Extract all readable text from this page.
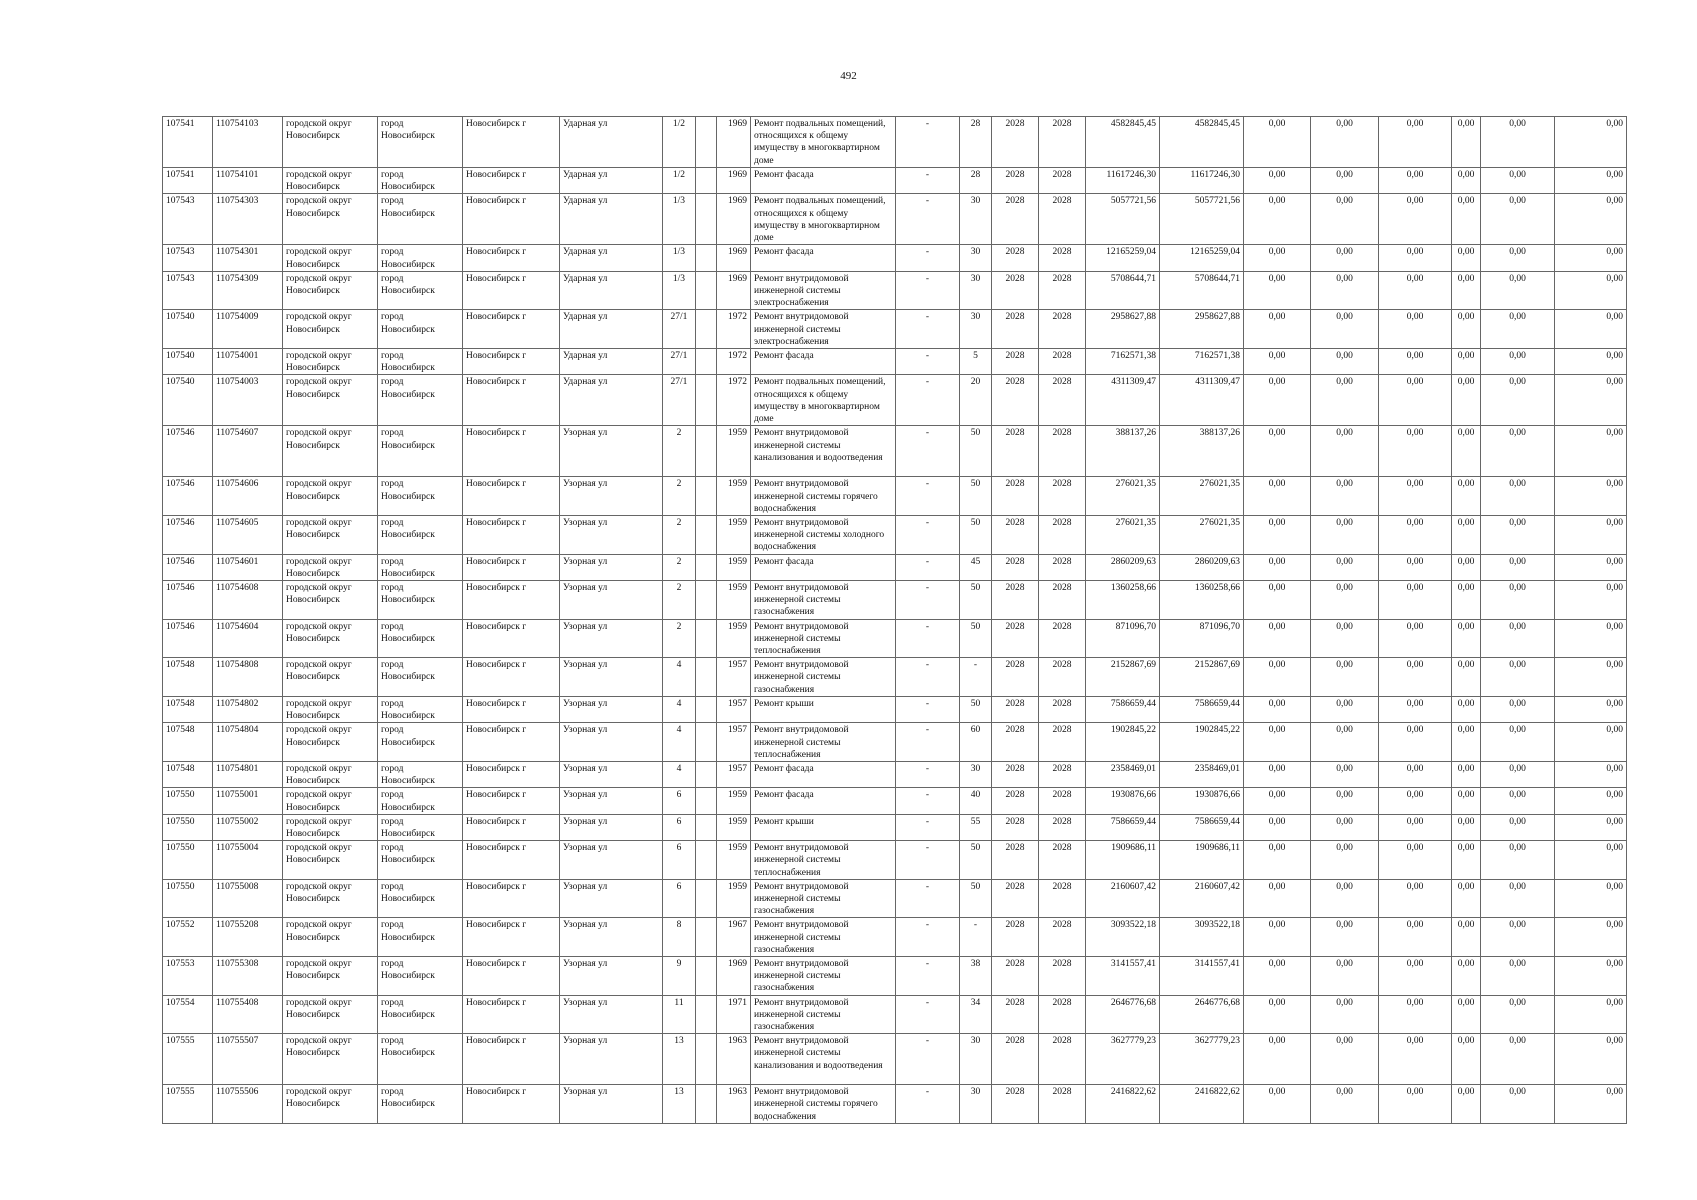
492
107541	110754103	городской округ Новосибирск	город Новосибирск	Новосибирск г	Ударная ул	1/2		1969	Ремонт подвальных помещений, относящихся к общему имуществу в многоквартирном доме	-	28	2028	2028	4582845,45	4582845,45	0,00	0,00	0,00	0,00	0,00	0,00
107541	110754101	городской округ Новосибирск	город Новосибирск	Новосибирск г	Ударная ул	1/2		1969	Ремонт фасада	-	28	2028	2028	11617246,30	11617246,30	0,00	0,00	0,00	0,00	0,00	0,00
107543	110754303	городской округ Новосибирск	город Новосибирск	Новосибирск г	Ударная ул	1/3		1969	Ремонт подвальных помещений, относящихся к общему имуществу в многоквартирном доме	-	30	2028	2028	5057721,56	5057721,56	0,00	0,00	0,00	0,00	0,00	0,00
107543	110754301	городской округ Новосибирск	город Новосибирск	Новосибирск г	Ударная ул	1/3		1969	Ремонт фасада	-	30	2028	2028	12165259,04	12165259,04	0,00	0,00	0,00	0,00	0,00	0,00
107543	110754309	городской округ Новосибирск	город Новосибирск	Новосибирск г	Ударная ул	1/3		1969	Ремонт внутридомовой инженерной системы электроснабжения	-	30	2028	2028	5708644,71	5708644,71	0,00	0,00	0,00	0,00	0,00	0,00
107540	110754009	городской округ Новосибирск	город Новосибирск	Новосибирск г	Ударная ул	27/1		1972	Ремонт внутридомовой инженерной системы электроснабжения	-	30	2028	2028	2958627,88	2958627,88	0,00	0,00	0,00	0,00	0,00	0,00
107540	110754001	городской округ Новосибирск	город Новосибирск	Новосибирск г	Ударная ул	27/1		1972	Ремонт фасада	-	5	2028	2028	7162571,38	7162571,38	0,00	0,00	0,00	0,00	0,00	0,00
107540	110754003	городской округ Новосибирск	город Новосибирск	Новосибирск г	Ударная ул	27/1		1972	Ремонт подвальных помещений, относящихся к общему имуществу в многоквартирном доме	-	20	2028	2028	4311309,47	4311309,47	0,00	0,00	0,00	0,00	0,00	0,00
107546	110754607	городской округ Новосибирск	город Новосибирск	Новосибирск г	Узорная ул	2		1959	Ремонт внутридомовой инженерной системы канализования и водоотведения	-	50	2028	2028	388137,26	388137,26	0,00	0,00	0,00	0,00	0,00	0,00
107546	110754606	городской округ Новосибирск	город Новосибирск	Новосибирск г	Узорная ул	2		1959	Ремонт внутридомовой инженерной системы горячего водоснабжения	-	50	2028	2028	276021,35	276021,35	0,00	0,00	0,00	0,00	0,00	0,00
107546	110754605	городской округ Новосибирск	город Новосибирск	Новосибирск г	Узорная ул	2		1959	Ремонт внутридомовой инженерной системы холодного водоснабжения	-	50	2028	2028	276021,35	276021,35	0,00	0,00	0,00	0,00	0,00	0,00
107546	110754601	городской округ Новосибирск	город Новосибирск	Новосибирск г	Узорная ул	2		1959	Ремонт фасада	-	45	2028	2028	2860209,63	2860209,63	0,00	0,00	0,00	0,00	0,00	0,00
107546	110754608	городской округ Новосибирск	город Новосибирск	Новосибирск г	Узорная ул	2		1959	Ремонт внутридомовой инженерной системы газоснабжения	-	50	2028	2028	1360258,66	1360258,66	0,00	0,00	0,00	0,00	0,00	0,00
107546	110754604	городской округ Новосибирск	город Новосибирск	Новосибирск г	Узорная ул	2		1959	Ремонт внутридомовой инженерной системы теплоснабжения	-	50	2028	2028	871096,70	871096,70	0,00	0,00	0,00	0,00	0,00	0,00
107548	110754808	городской округ Новосибирск	город Новосибирск	Новосибирск г	Узорная ул	4		1957	Ремонт внутридомовой инженерной системы газоснабжения	-	-	2028	2028	2152867,69	2152867,69	0,00	0,00	0,00	0,00	0,00	0,00
107548	110754802	городской округ Новосибирск	город Новосибирск	Новосибирск г	Узорная ул	4		1957	Ремонт крыши	-	50	2028	2028	7586659,44	7586659,44	0,00	0,00	0,00	0,00	0,00	0,00
107548	110754804	городской округ Новосибирск	город Новосибирск	Новосибирск г	Узорная ул	4		1957	Ремонт внутридомовой инженерной системы теплоснабжения	-	60	2028	2028	1902845,22	1902845,22	0,00	0,00	0,00	0,00	0,00	0,00
107548	110754801	городской округ Новосибирск	город Новосибирск	Новосибирск г	Узорная ул	4		1957	Ремонт фасада	-	30	2028	2028	2358469,01	2358469,01	0,00	0,00	0,00	0,00	0,00	0,00
107550	110755001	городской округ Новосибирск	город Новосибирск	Новосибирск г	Узорная ул	6		1959	Ремонт фасада	-	40	2028	2028	1930876,66	1930876,66	0,00	0,00	0,00	0,00	0,00	0,00
107550	110755002	городской округ Новосибирск	город Новосибирск	Новосибирск г	Узорная ул	6		1959	Ремонт крыши	-	55	2028	2028	7586659,44	7586659,44	0,00	0,00	0,00	0,00	0,00	0,00
107550	110755004	городской округ Новосибирск	город Новосибирск	Новосибирск г	Узорная ул	6		1959	Ремонт внутридомовой инженерной системы теплоснабжения	-	50	2028	2028	1909686,11	1909686,11	0,00	0,00	0,00	0,00	0,00	0,00
107550	110755008	городской округ Новосибирск	город Новосибирск	Новосибирск г	Узорная ул	6		1959	Ремонт внутридомовой инженерной системы газоснабжения	-	50	2028	2028	2160607,42	2160607,42	0,00	0,00	0,00	0,00	0,00	0,00
107552	110755208	городской округ Новосибирск	город Новосибирск	Новосибирск г	Узорная ул	8		1967	Ремонт внутридомовой инженерной системы газоснабжения	-	-	2028	2028	3093522,18	3093522,18	0,00	0,00	0,00	0,00	0,00	0,00
107553	110755308	городской округ Новосибирск	город Новосибирск	Новосибирск г	Узорная ул	9		1969	Ремонт внутридомовой инженерной системы газоснабжения	-	38	2028	2028	3141557,41	3141557,41	0,00	0,00	0,00	0,00	0,00	0,00
107554	110755408	городской округ Новосибирск	город Новосибирск	Новосибирск г	Узорная ул	11		1971	Ремонт внутридомовой инженерной системы газоснабжения	-	34	2028	2028	2646776,68	2646776,68	0,00	0,00	0,00	0,00	0,00	0,00
107555	110755507	городской округ Новосибирск	город Новосибирск	Новосибирск г	Узорная ул	13		1963	Ремонт внутридомовой инженерной системы канализования и водоотведения	-	30	2028	2028	3627779,23	3627779,23	0,00	0,00	0,00	0,00	0,00	0,00
107555	110755506	городской округ Новосибирск	город Новосибирск	Новосибирск г	Узорная ул	13		1963	Ремонт внутридомовой инженерной системы горячего водоснабжения	-	30	2028	2028	2416822,62	2416822,62	0,00	0,00	0,00	0,00	0,00	0,00
